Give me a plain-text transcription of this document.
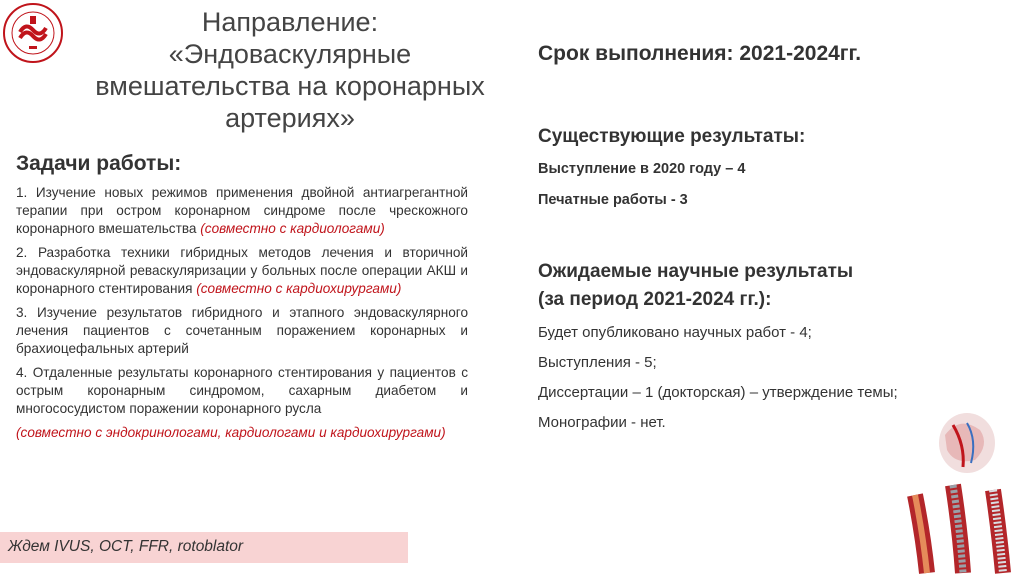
Направление:
«Эндоваскулярные
вмешательства на коронарных
артериях»
Задачи работы:

1. Изучение новых режимов применения двойной антиагрегантной терапии при остром коронарном синдроме после чрескожного коронарного вмешательства (совместно с кардиологами)

2. Разработка техники гибридных методов лечения и вторичной эндоваскулярной реваскуляризации у больных после операции АКШ и коронарного стентирования (совместно с кардиохирургами)

3. Изучение результатов гибридного и этапного эндоваскулярного лечения пациентов с сочетанным поражением коронарных и брахиоцефальных артерий

4. Отдаленные результаты коронарного стентирования у пациентов с острым коронарным синдромом, сахарным диабетом и многососудистом поражении коронарного русла

(совместно с эндокринологами, кардиологами и кардиохирургами)

Ждем IVUS, OCT, FFR, rotoblator
Срок выполнения: 2021-2024гг.
Существующие результаты:
Выступление в 2020 году – 4
Печатные работы - 3
Ожидаемые научные результаты
(за период 2021-2024 гг.):
Будет опубликовано научных работ - 4;
Выступления - 5;
Диссертации – 1 (докторская) – утверждение темы;
Монографии - нет.
